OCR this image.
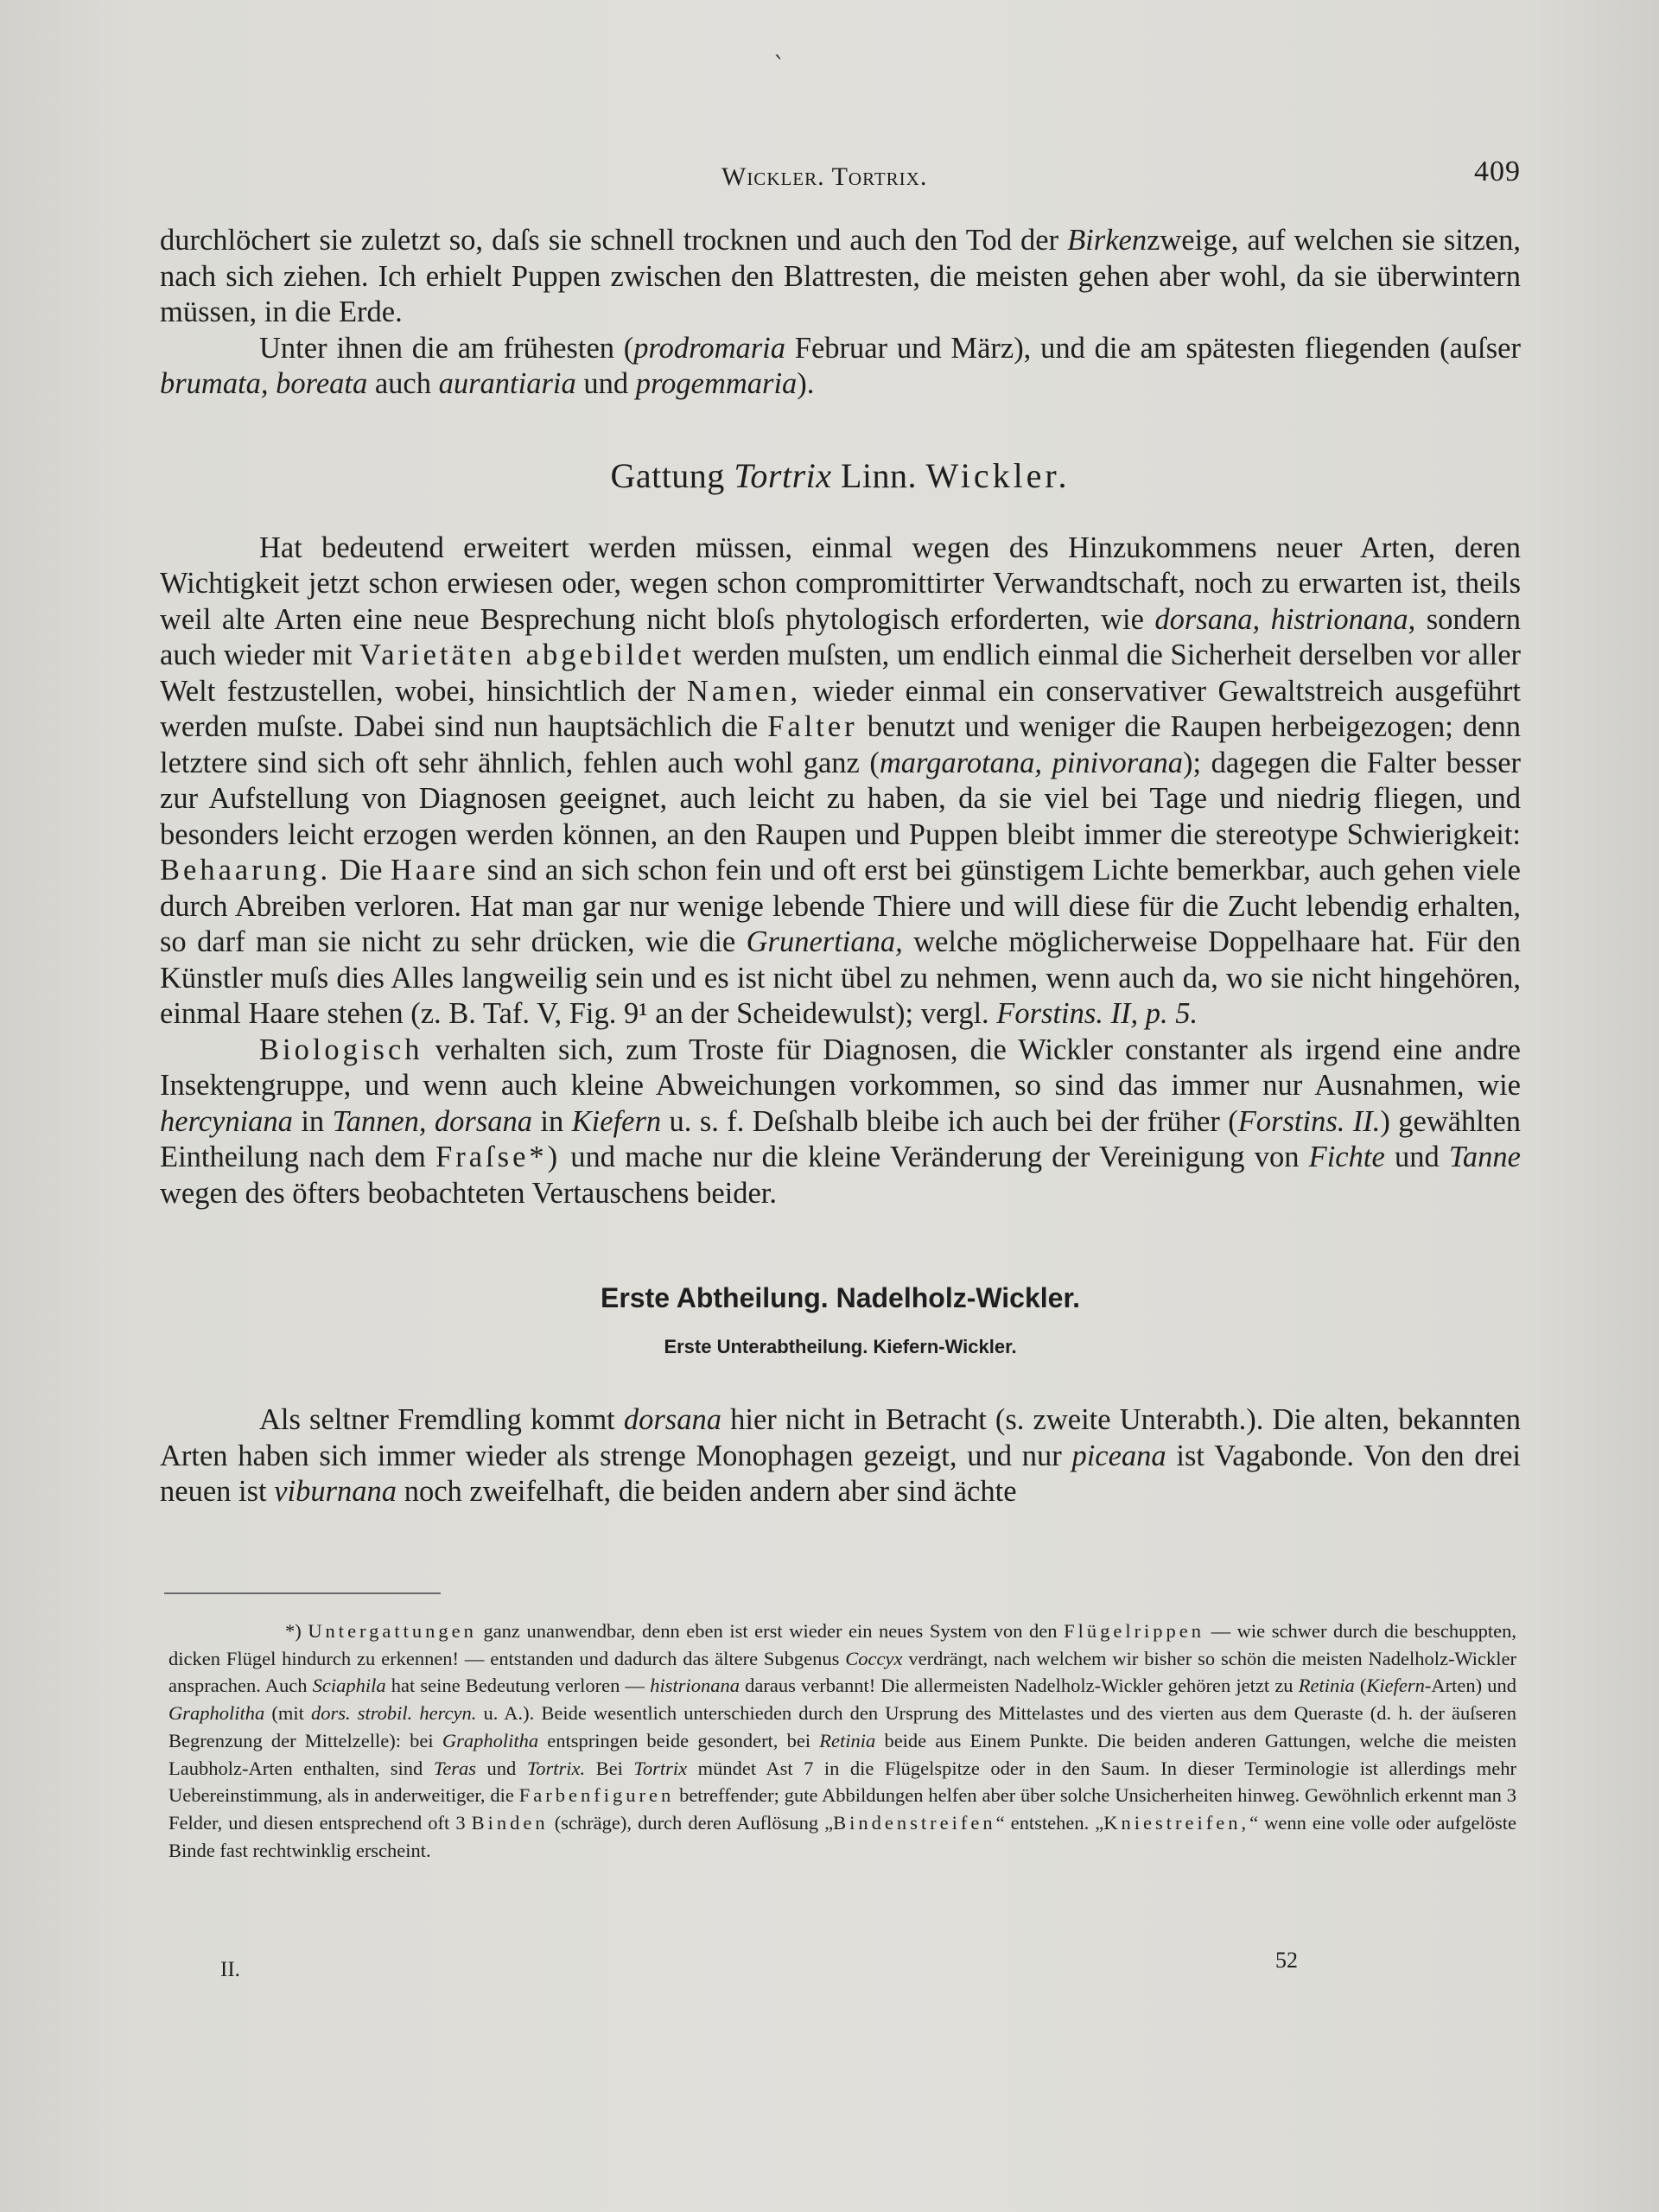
`
Wickler. Tortrix.	409

durchlöchert sie zuletzt so, daſs sie schnell trocknen und auch den Tod der Birkenzweige, auf welchen sie sitzen, nach sich ziehen. Ich erhielt Puppen zwischen den Blattresten, die meisten gehen aber wohl, da sie überwintern müssen, in die Erde.

Unter ihnen die am frühesten (prodromaria Februar und März), und die am spätesten fliegenden (auſser brumata, boreata auch aurantiaria und progemmaria).

Gattung Tortrix Linn. Wickler.

Hat bedeutend erweitert werden müssen, einmal wegen des Hinzukommens neuer Arten, deren Wichtigkeit jetzt schon erwiesen oder, wegen schon compromittirter Verwandtschaft, noch zu erwarten ist, theils weil alte Arten eine neue Besprechung nicht bloſs phytologisch erforderten, wie dorsana, histrionana, sondern auch wieder mit Varietäten abgebildet werden muſsten, um endlich einmal die Sicherheit derselben vor aller Welt festzustellen, wobei, hinsichtlich der Namen, wieder einmal ein conservativer Gewaltstreich ausgeführt werden muſste. Dabei sind nun hauptsächlich die Falter benutzt und weniger die Raupen herbeigezogen; denn letztere sind sich oft sehr ähnlich, fehlen auch wohl ganz (margarotana, pinivorana); dagegen die Falter besser zur Aufstellung von Diagnosen geeignet, auch leicht zu haben, da sie viel bei Tage und niedrig fliegen, und besonders leicht erzogen werden können, an den Raupen und Puppen bleibt immer die stereotype Schwierigkeit: Behaarung. Die Haare sind an sich schon fein und oft erst bei günstigem Lichte bemerkbar, auch gehen viele durch Abreiben verloren. Hat man gar nur wenige lebende Thiere und will diese für die Zucht lebendig erhalten, so darf man sie nicht zu sehr drücken, wie die Grunertiana, welche möglicherweise Doppelhaare hat. Für den Künstler muſs dies Alles langweilig sein und es ist nicht übel zu nehmen, wenn auch da, wo sie nicht hingehören, einmal Haare stehen (z. B. Taf. V, Fig. 9¹ an der Scheidewulst); vergl. Forstins. II, p. 5.

Biologisch verhalten sich, zum Troste für Diagnosen, die Wickler constanter als irgend eine andre Insektengruppe, und wenn auch kleine Abweichungen vorkommen, so sind das immer nur Ausnahmen, wie hercyniana in Tannen, dorsana in Kiefern u. s. f. Deſshalb bleibe ich auch bei der früher (Forstins. II.) gewählten Eintheilung nach dem Fraſse*) und mache nur die kleine Veränderung der Vereinigung von Fichte und Tanne wegen des öfters beobachteten Vertauschens beider.

Erste Abtheilung. Nadelholz-Wickler.
Erste Unterabtheilung. Kiefern-Wickler.

Als seltner Fremdling kommt dorsana hier nicht in Betracht (s. zweite Unterabth.). Die alten, bekannten Arten haben sich immer wieder als strenge Monophagen gezeigt, und nur piceana ist Vagabonde. Von den drei neuen ist viburnana noch zweifelhaft, die beiden andern aber sind ächte

*) Untergattungen ganz unanwendbar, denn eben ist erst wieder ein neues System von den Flügelrippen — wie schwer durch die beschuppten, dicken Flügel hindurch zu erkennen! — entstanden und dadurch das ältere Subgenus Coccyx verdrängt, nach welchem wir bisher so schön die meisten Nadelholz-Wickler ansprachen. Auch Sciaphila hat seine Bedeutung verloren — histrionana daraus verbannt! Die allermeisten Nadelholz-Wickler gehören jetzt zu Retinia (Kiefern-Arten) und Grapholitha (mit dors. strobil. hercyn. u. A.). Beide wesentlich unterschieden durch den Ursprung des Mittelastes und des vierten aus dem Queraste (d. h. der äuſseren Begrenzung der Mittelzelle): bei Grapholitha entspringen beide gesondert, bei Retinia beide aus Einem Punkte. Die beiden anderen Gattungen, welche die meisten Laubholz-Arten enthalten, sind Teras und Tortrix. Bei Tortrix mündet Ast 7 in die Flügelspitze oder in den Saum. In dieser Terminologie ist allerdings mehr Uebereinstimmung, als in anderweitiger, die Farbenfiguren betreffender; gute Abbildungen helfen aber über solche Unsicherheiten hinweg. Gewöhnlich erkennt man 3 Felder, und diesen entsprechend oft 3 Binden (schräge), durch deren Auflösung „Bindenstreifen“ entstehen. „Kniestreifen,“ wenn eine volle oder aufgelöste Binde fast rechtwinklig erscheint.

II.	52
